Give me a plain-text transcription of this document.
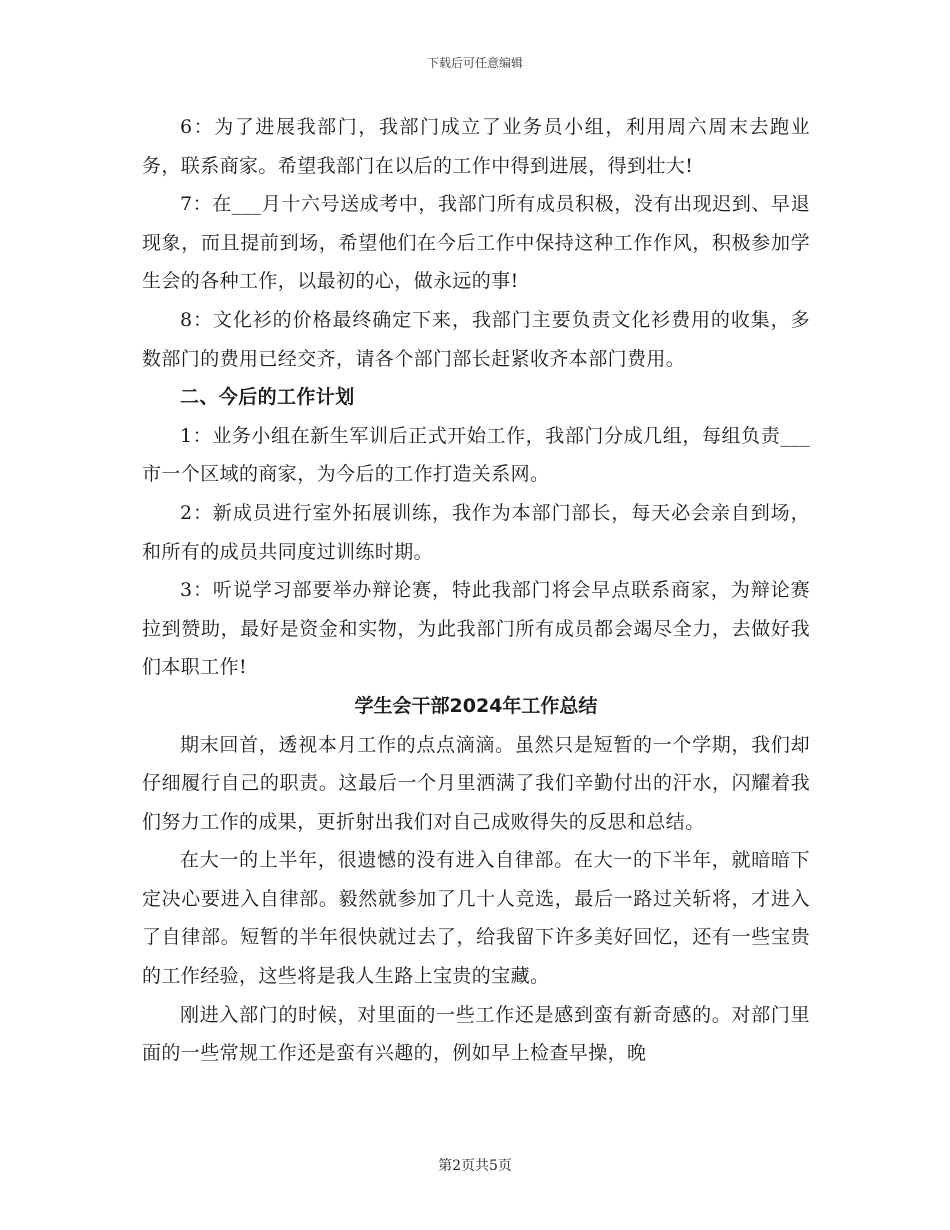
下载后可任意编辑

6：为了进展我部门，我部门成立了业务员小组，利用周六周末去跑业务，联系商家。希望我部门在以后的工作中得到进展，得到壮大!

7：在___月十六号送成考中，我部门所有成员积极，没有出现迟到、早退现象，而且提前到场，希望他们在今后工作中保持这种工作作风，积极参加学生会的各种工作，以最初的心，做永远的事!

8：文化衫的价格最终确定下来，我部门主要负责文化衫费用的收集，多数部门的费用已经交齐，请各个部门部长赶紧收齐本部门费用。

二、今后的工作计划

1：业务小组在新生军训后正式开始工作，我部门分成几组，每组负责___市一个区域的商家，为今后的工作打造关系网。

2：新成员进行室外拓展训练，我作为本部门部长，每天必会亲自到场，和所有的成员共同度过训练时期。

3：听说学习部要举办辩论赛，特此我部门将会早点联系商家，为辩论赛拉到赞助，最好是资金和实物，为此我部门所有成员都会竭尽全力，去做好我们本职工作!

学生会干部2024年工作总结

期末回首，透视本月工作的点点滴滴。虽然只是短暂的一个学期，我们却仔细履行自己的职责。这最后一个月里洒满了我们辛勤付出的汗水，闪耀着我们努力工作的成果，更折射出我们对自己成败得失的反思和总结。

在大一的上半年，很遗憾的没有进入自律部。在大一的下半年，就暗暗下定决心要进入自律部。毅然就参加了几十人竞选，最后一路过关斩将，才进入了自律部。短暂的半年很快就过去了，给我留下许多美好回忆，还有一些宝贵的工作经验，这些将是我人生路上宝贵的宝藏。

刚进入部门的时候，对里面的一些工作还是感到蛮有新奇感的。对部门里面的一些常规工作还是蛮有兴趣的，例如早上检查早操，晚

第2页共5页
